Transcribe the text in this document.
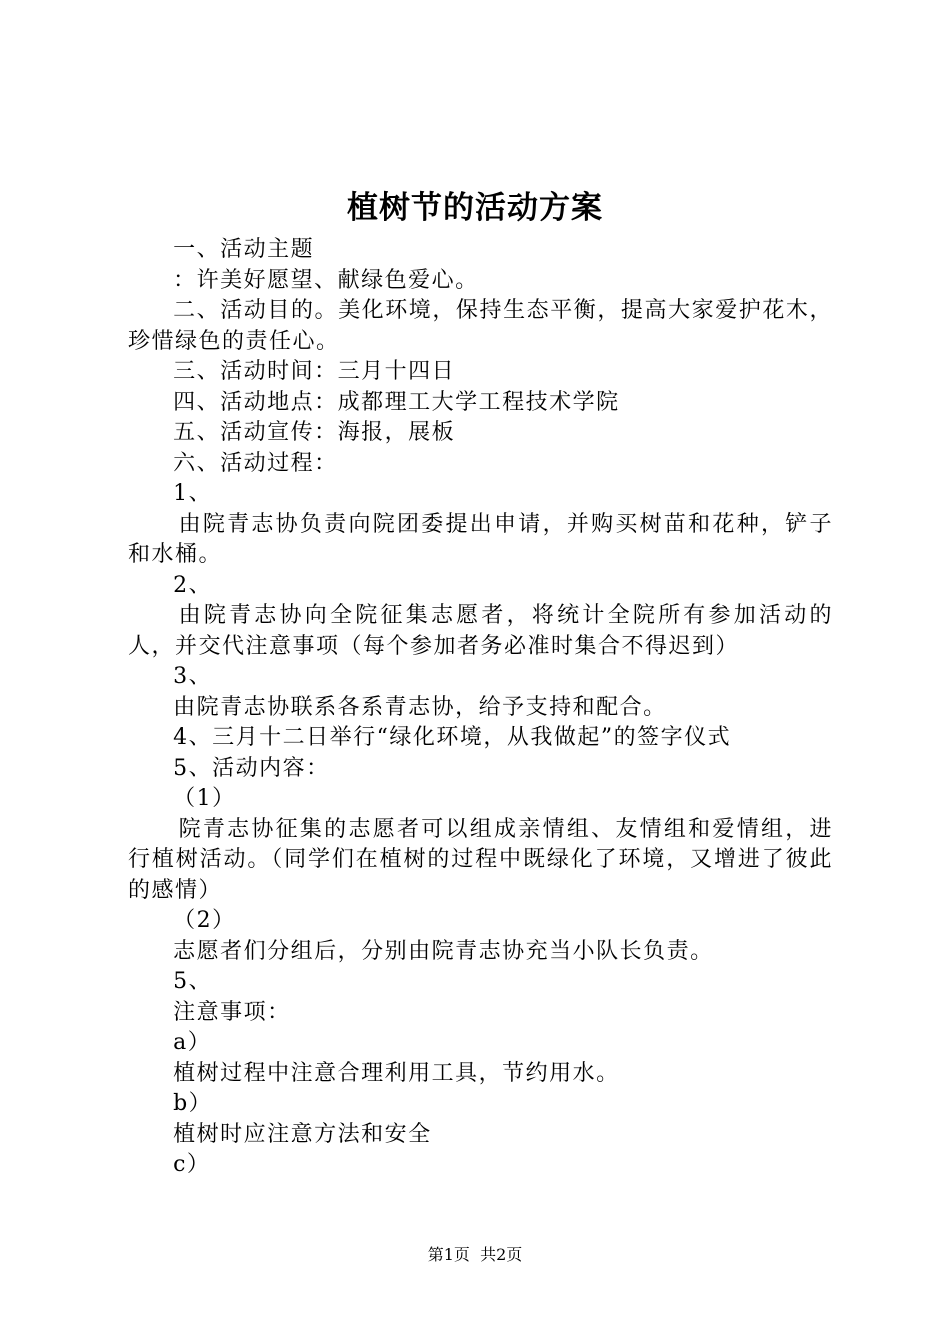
植树节的活动方案

一、活动主题

：许美好愿望、献绿色爱心。

二、活动目的。美化环境，保持生态平衡，提高大家爱护花木，珍惜绿色的责任心。

三、活动时间：三月十四日

四、活动地点：成都理工大学工程技术学院

五、活动宣传：海报，展板

六、活动过程：

1、

由院青志协负责向院团委提出申请，并购买树苗和花种，铲子和水桶。

2、

由院青志协向全院征集志愿者，将统计全院所有参加活动的人，并交代注意事项（每个参加者务必准时集合不得迟到）

3、

由院青志协联系各系青志协，给予支持和配合。

4、三月十二日举行“绿化环境，从我做起”的签字仪式

5、活动内容：

（1）

院青志协征集的志愿者可以组成亲情组、友情组和爱情组，进行植树活动。（同学们在植树的过程中既绿化了环境，又增进了彼此的感情）

（2）

志愿者们分组后，分别由院青志协充当小队长负责。

5、

注意事项：

a）

植树过程中注意合理利用工具，节约用水。

b）

植树时应注意方法和安全

c）

第1页  共2页
